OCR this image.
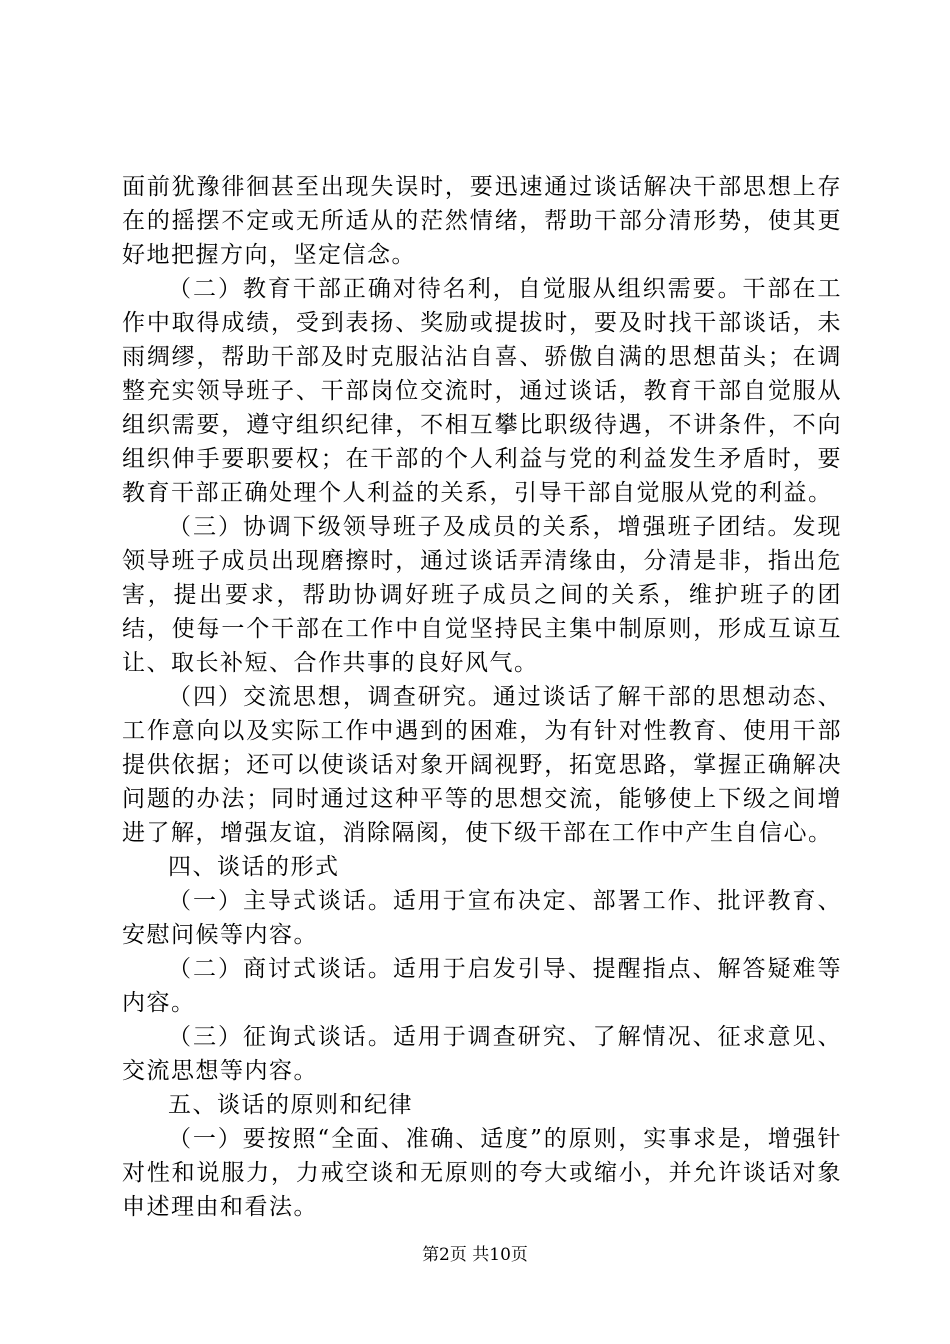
面前犹豫徘徊甚至出现失误时，要迅速通过谈话解决干部思想上存在的摇摆不定或无所适从的茫然情绪，帮助干部分清形势，使其更好地把握方向，坚定信念。

（二）教育干部正确对待名利，自觉服从组织需要。干部在工作中取得成绩，受到表扬、奖励或提拔时，要及时找干部谈话，未雨绸缪，帮助干部及时克服沾沾自喜、骄傲自满的思想苗头；在调整充实领导班子、干部岗位交流时，通过谈话，教育干部自觉服从组织需要，遵守组织纪律，不相互攀比职级待遇，不讲条件，不向组织伸手要职要权；在干部的个人利益与党的利益发生矛盾时，要教育干部正确处理个人利益的关系，引导干部自觉服从党的利益。

（三）协调下级领导班子及成员的关系，增强班子团结。发现领导班子成员出现磨擦时，通过谈话弄清缘由，分清是非，指出危害，提出要求，帮助协调好班子成员之间的关系，维护班子的团结，使每一个干部在工作中自觉坚持民主集中制原则，形成互谅互让、取长补短、合作共事的良好风气。

（四）交流思想，调查研究。通过谈话了解干部的思想动态、工作意向以及实际工作中遇到的困难，为有针对性教育、使用干部提供依据；还可以使谈话对象开阔视野，拓宽思路，掌握正确解决问题的办法；同时通过这种平等的思想交流，能够使上下级之间增进了解，增强友谊，消除隔阂，使下级干部在工作中产生自信心。

四、谈话的形式

（一）主导式谈话。适用于宣布决定、部署工作、批评教育、安慰问候等内容。

（二）商讨式谈话。适用于启发引导、提醒指点、解答疑难等内容。

（三）征询式谈话。适用于调查研究、了解情况、征求意见、交流思想等内容。

五、谈话的原则和纪律

（一）要按照“全面、准确、适度”的原则，实事求是，增强针对性和说服力，力戒空谈和无原则的夸大或缩小，并允许谈话对象申述理由和看法。

第2页 共10页
